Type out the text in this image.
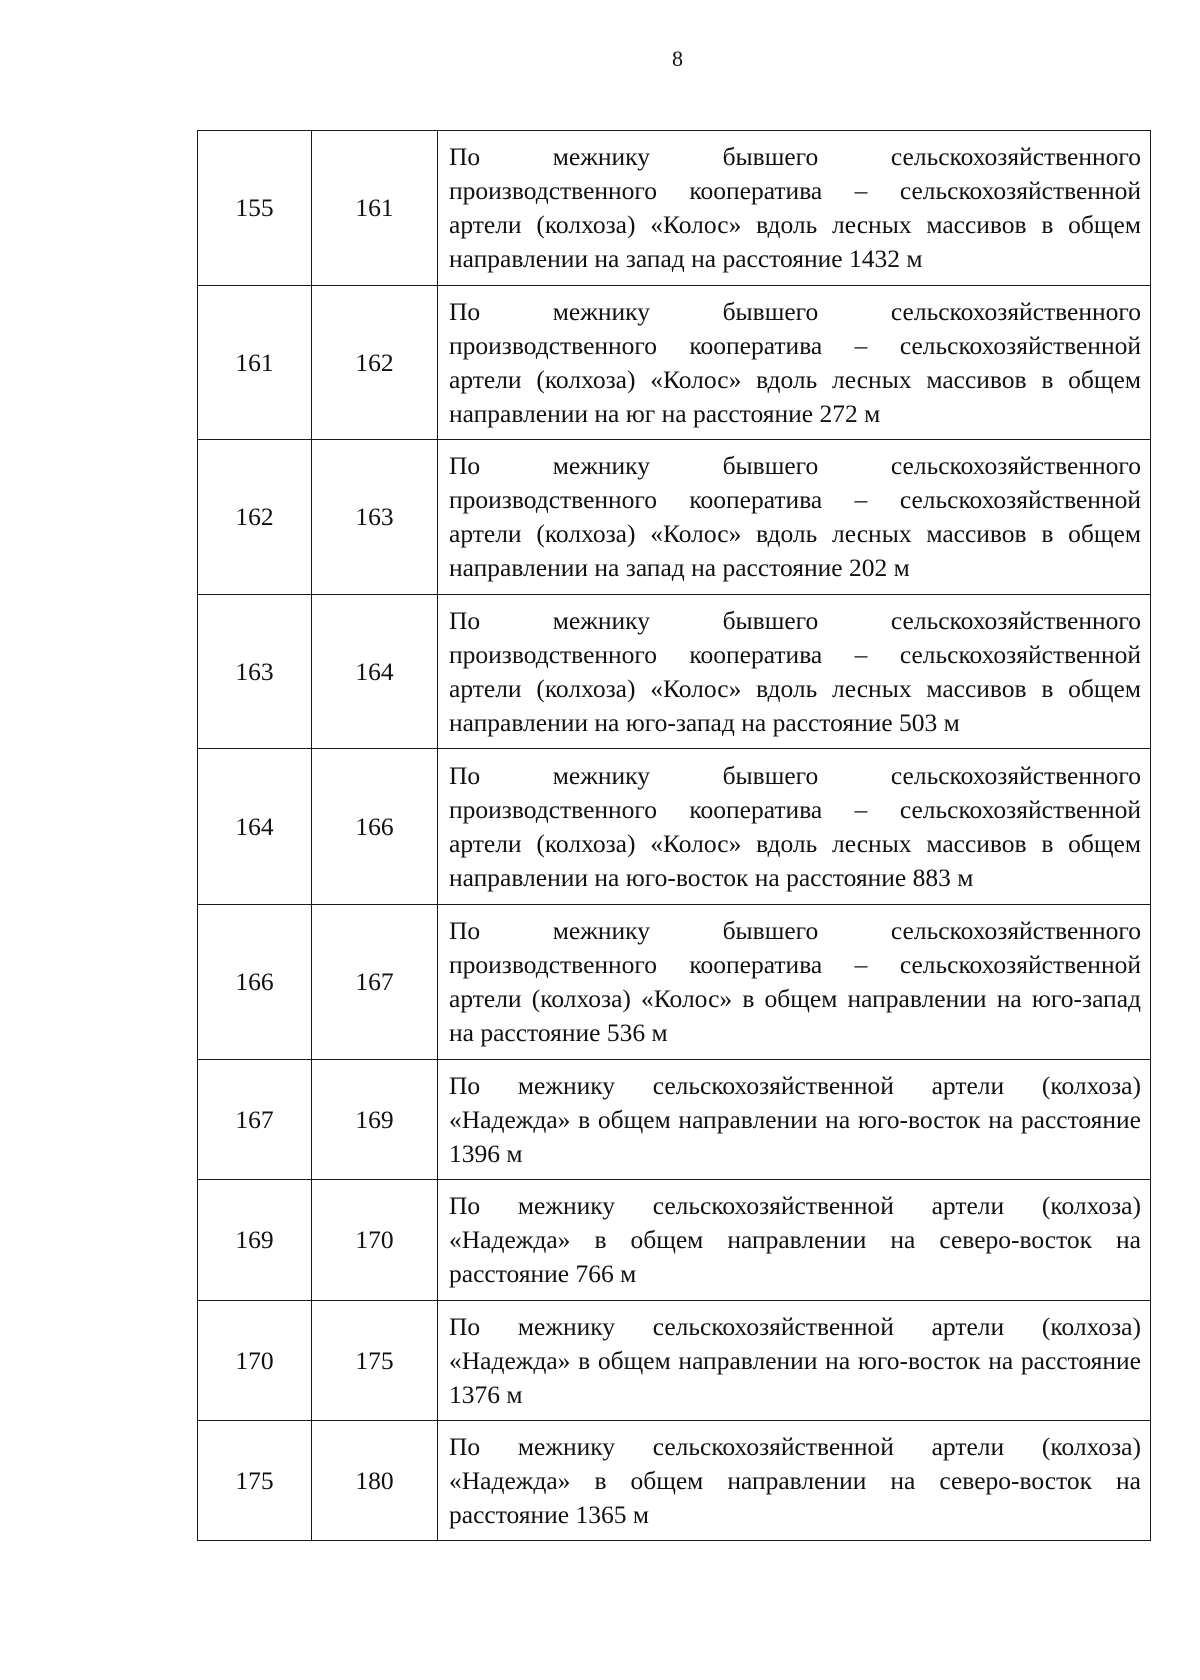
8
155	161	По межнику бывшего сельскохозяйственного производственного кооператива – сельскохозяйственной артели (колхоза) «Колос» вдоль лесных массивов в общем направлении на запад на расстояние 1432 м
161	162	По межнику бывшего сельскохозяйственного производственного кооператива – сельскохозяйственной артели (колхоза) «Колос» вдоль лесных массивов в общем направлении на юг на расстояние 272 м
162	163	По межнику бывшего сельскохозяйственного производственного кооператива – сельскохозяйственной артели (колхоза) «Колос» вдоль лесных массивов в общем направлении на запад на расстояние 202 м
163	164	По межнику бывшего сельскохозяйственного производственного кооператива – сельскохозяйственной артели (колхоза) «Колос» вдоль лесных массивов в общем направлении на юго-запад на расстояние 503 м
164	166	По межнику бывшего сельскохозяйственного производственного кооператива – сельскохозяйственной артели (колхоза) «Колос» вдоль лесных массивов в общем направлении на юго-восток на расстояние 883 м
166	167	По межнику бывшего сельскохозяйственного производственного кооператива – сельскохозяйственной артели (колхоза) «Колос» в общем направлении на юго-запад на расстояние 536 м
167	169	По межнику сельскохозяйственной артели (колхоза) «Надежда» в общем направлении на юго-восток на расстояние 1396 м
169	170	По межнику сельскохозяйственной артели (колхоза) «Надежда» в общем направлении на северо-восток на расстояние 766 м
170	175	По межнику сельскохозяйственной артели (колхоза) «Надежда» в общем направлении на юго-восток на расстояние 1376 м
175	180	По межнику сельскохозяйственной артели (колхоза) «Надежда» в общем направлении на северо-восток на расстояние 1365 м
